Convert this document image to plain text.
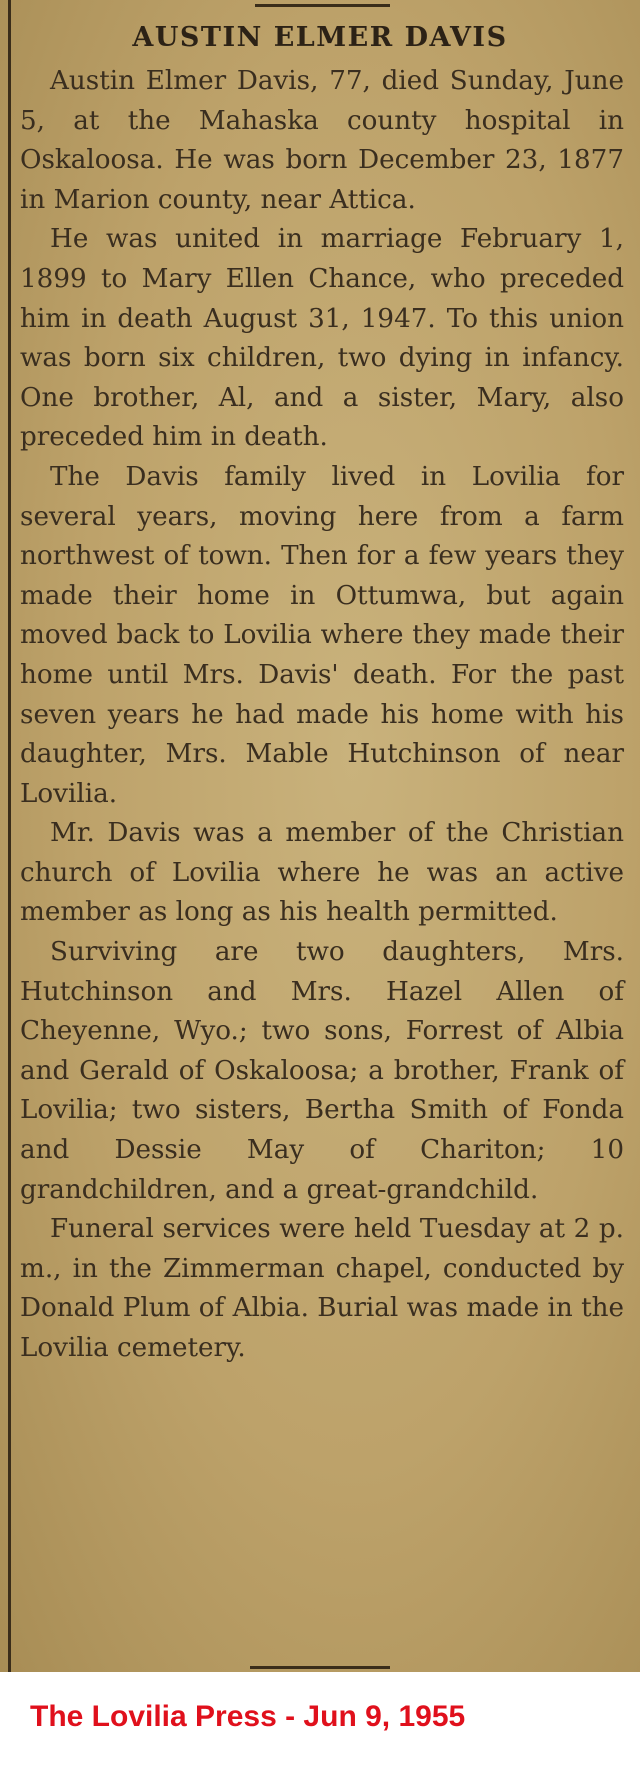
AUSTIN ELMER DAVIS

Austin Elmer Davis, 77, died Sunday, June 5, at the Mahaska county hospital in Oskaloosa. He was born December 23, 1877 in Marion county, near Attica.

He was united in marriage February 1, 1899 to Mary Ellen Chance, who preceded him in death August 31, 1947. To this union was born six children, two dying in infancy. One brother, Al, and a sister, Mary, also preceded him in death.

The Davis family lived in Lovilia for several years, moving here from a farm northwest of town. Then for a few years they made their home in Ottumwa, but again moved back to Lovilia where they made their home until Mrs. Davis' death. For the past seven years he had made his home with his daughter, Mrs. Mable Hutchinson of near Lovilia.

Mr. Davis was a member of the Christian church of Lovilia where he was an active member as long as his health permitted.

Surviving are two daughters, Mrs. Hutchinson and Mrs. Hazel Allen of Cheyenne, Wyo.; two sons, Forrest of Albia and Gerald of Oskaloosa; a brother, Frank of Lovilia; two sisters, Bertha Smith of Fonda and Dessie May of Chariton; 10 grandchildren, and a great-grandchild.

Funeral services were held Tuesday at 2 p. m., in the Zimmerman chapel, conducted by Donald Plum of Albia. Burial was made in the Lovilia cemetery.

The Lovilia Press - Jun 9, 1955
